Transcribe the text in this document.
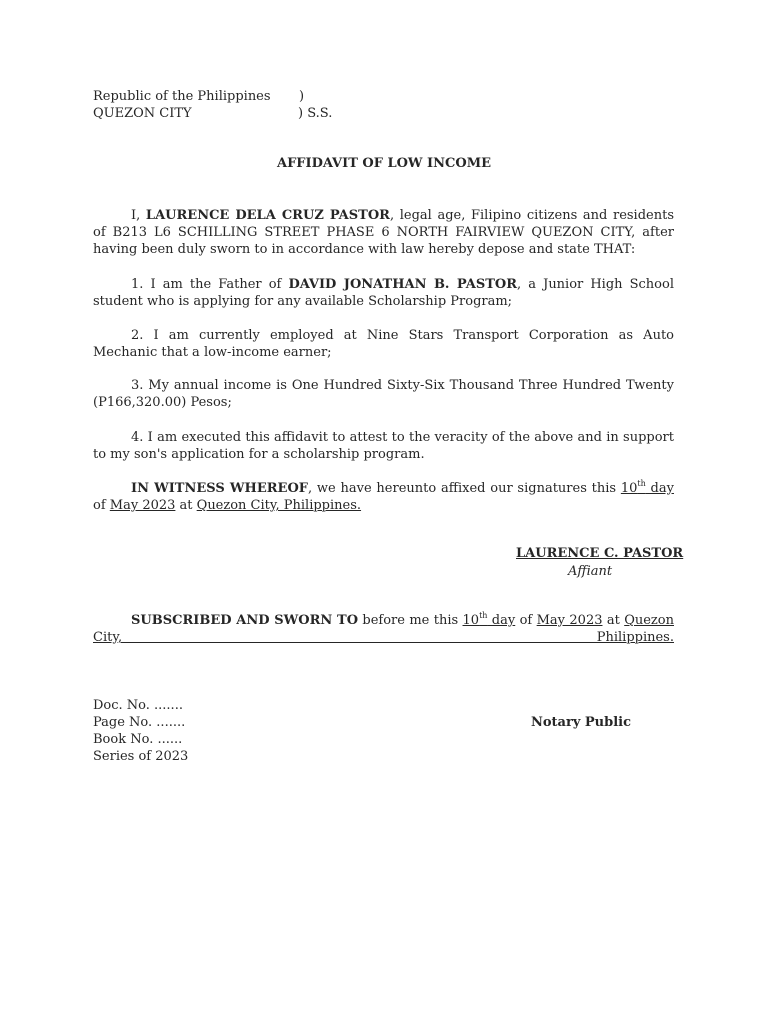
Republic of the Philippines )
QUEZON CITY	) S.S.
AFFIDAVIT OF LOW INCOME
I, LAURENCE DELA CRUZ PASTOR, legal age, Filipino citizens and residents of B213 L6 SCHILLING STREET PHASE 6 NORTH FAIRVIEW QUEZON CITY, after having been duly sworn to in accordance with law hereby depose and state THAT:
1. I am the Father of DAVID JONATHAN B. PASTOR, a Junior High School student who is applying for any available Scholarship Program;
2. I am currently employed at Nine Stars Transport Corporation as Auto Mechanic that a low-income earner;
3. My annual income is One Hundred Sixty-Six Thousand Three Hundred Twenty (P166,320.00) Pesos;
4. I am executed this affidavit to attest to the veracity of the above and in support to my son's application for a scholarship program.
IN WITNESS WHEREOF, we have hereunto affixed our signatures this 10th day of May 2023 at Quezon City, Philippines.
LAURENCE C. PASTOR
Affiant
SUBSCRIBED AND SWORN TO before me this 10th day of May 2023 at Quezon City, Philippines.
Doc. No. .......
Page No. .......
Book No. ......
Series of 2023
Notary Public
